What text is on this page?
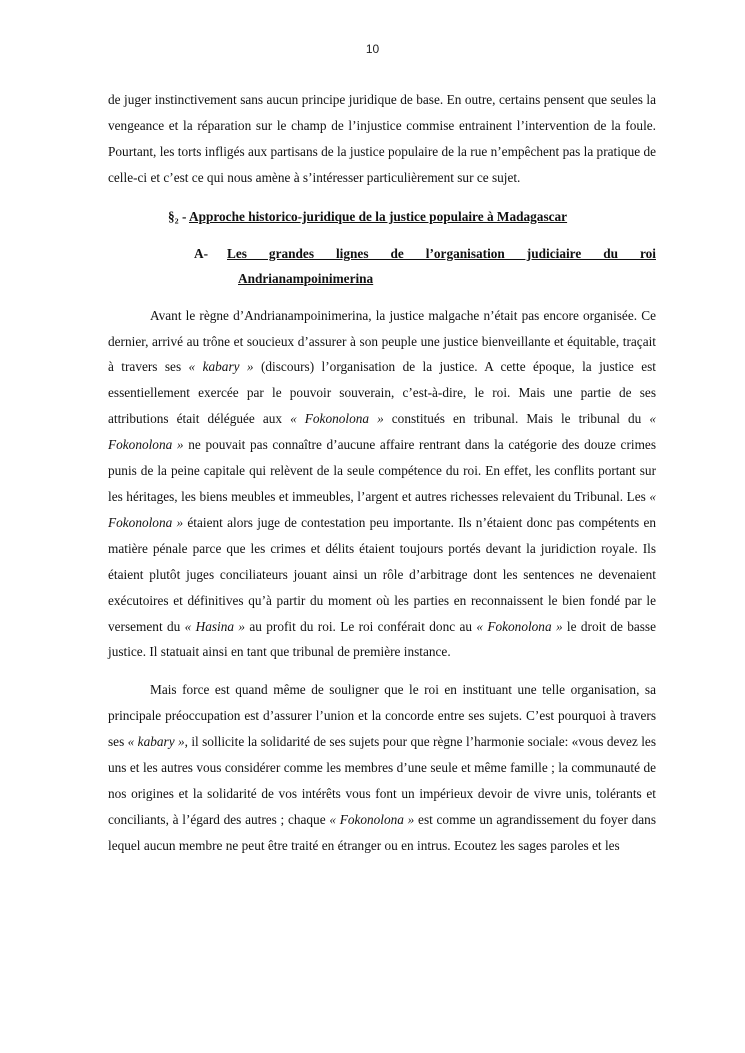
10

de juger instinctivement sans aucun principe juridique de base. En outre, certains pensent que seules la vengeance et la réparation sur le champ de l’injustice commise entrainent l’intervention de la foule. Pourtant, les torts infligés aux partisans de la justice populaire de la rue n’empêchent pas la pratique de celle-ci et c’est ce qui nous amène à s’intéresser particulièrement sur ce sujet.

§₂ - Approche historico-juridique de la justice populaire à Madagascar
A-	Les grandes lignes de l’organisation judiciaire du roi
Andrianampoinimerina

Avant le règne d’Andrianampoinimerina, la justice malgache n’était pas encore organisée. Ce dernier, arrivé au trône et soucieux d’assurer à son peuple une justice bienveillante et équitable, traçait à travers ses « kabary » (discours) l’organisation de la justice. A cette époque, la justice est essentiellement exercée par le pouvoir souverain, c’est-à-dire, le roi. Mais une partie de ses attributions était déléguée aux « Fokonolona » constitués en tribunal. Mais le tribunal du « Fokonolona » ne pouvait pas connaître d’aucune affaire rentrant dans la catégorie des douze crimes punis de la peine capitale qui relèvent de la seule compétence du roi. En effet, les conflits portant sur les héritages, les biens meubles et immeubles, l’argent et autres richesses relevaient du Tribunal. Les « Fokonolona » étaient alors juge de contestation peu importante. Ils n’étaient donc pas compétents en matière pénale parce que les crimes et délits étaient toujours portés devant la juridiction royale. Ils étaient plutôt juges conciliateurs jouant ainsi un rôle d’arbitrage dont les sentences ne devenaient exécutoires et définitives qu’à partir du moment où les parties en reconnaissent le bien fondé par le versement du « Hasina » au profit du roi. Le roi conférait donc au « Fokonolona » le droit de basse justice. Il statuait ainsi en tant que tribunal de première instance.

Mais force est quand même de souligner que le roi en instituant une telle organisation, sa principale préoccupation est d’assurer l’union et la concorde entre ses sujets. C’est pourquoi à travers ses « kabary », il sollicite la solidarité de ses sujets pour que règne l’harmonie sociale: «vous devez les uns et les autres vous considérer comme les membres d’une seule et même famille ; la communauté de nos origines et la solidarité de vos intérêts vous font un impérieux devoir de vivre unis, tolérants et conciliants, à l’égard des autres ; chaque « Fokonolona » est comme un agrandissement du foyer dans lequel aucun membre ne peut être traité en étranger ou en intrus. Ecoutez les sages paroles et les
